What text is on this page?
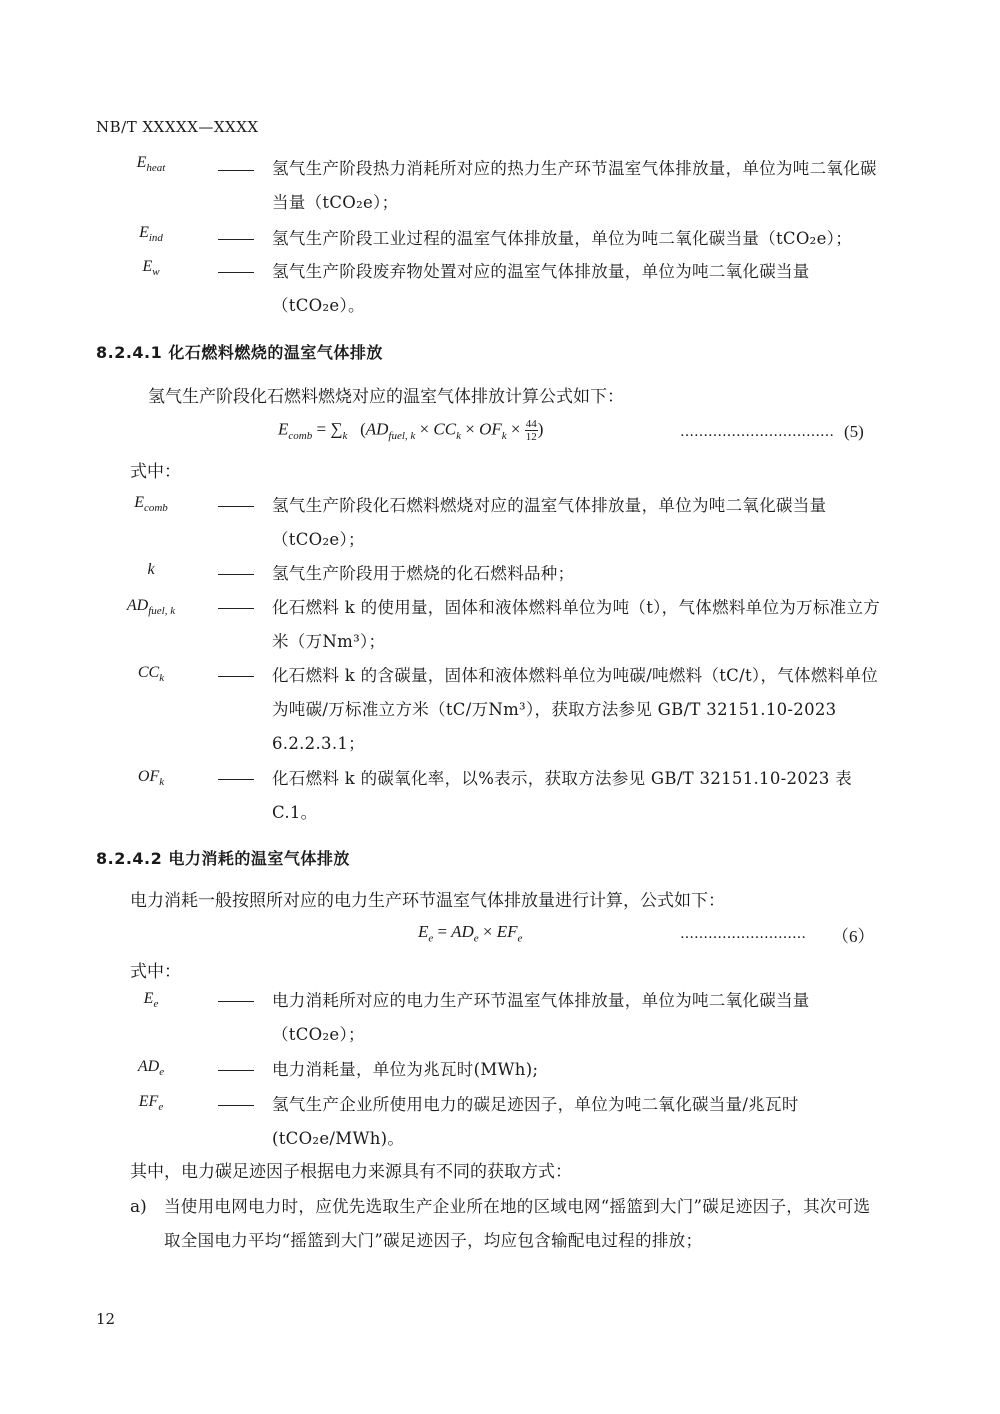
NB/T XXXXX—XXXX
$E_{heat}$	氢气生产阶段热力消耗所对应的热力生产环节温室气体排放量，单位为吨二氧化碳当量（tCO₂e）；
$E_{ind}$	氢气生产阶段工业过程的温室气体排放量，单位为吨二氧化碳当量（tCO₂e）；
$E_w$	氢气生产阶段废弃物处置对应的温室气体排放量，单位为吨二氧化碳当量（tCO₂e）。
8.2.4.1 化石燃料燃烧的温室气体排放
氢气生产阶段化石燃料燃烧对应的温室气体排放计算公式如下：
$E_{comb} = \sum_k$ ($AD_{fuel, k} \times CC_k \times OF_k \times \frac{44}{12}$ )	…………………………… (5)
式中：
$E_{comb}$	氢气生产阶段化石燃料燃烧对应的温室气体排放量，单位为吨二氧化碳当量（tCO₂e）；
k	氢气生产阶段用于燃烧的化石燃料品种；
$AD_{fuel, k}$	化石燃料 k 的使用量，固体和液体燃料单位为吨（t），气体燃料单位为万标准立方米（万Nm³）；
$CC_k$	化石燃料 k 的含碳量，固体和液体燃料单位为吨碳/吨燃料（tC/t），气体燃料单位为吨碳/万标准立方米（tC/万Nm³），获取方法参见 GB/T 32151.10-2023 6.2.2.3.1；
$OF_k$	化石燃料 k 的碳氧化率，以%表示，获取方法参见 GB/T 32151.10-2023 表 C.1。
8.2.4.2 电力消耗的温室气体排放
电力消耗一般按照所对应的电力生产环节温室气体排放量进行计算，公式如下：
$E_e = AD_e \times EF_e$	……………………… （6）
式中：
$E_e$	电力消耗所对应的电力生产环节温室气体排放量，单位为吨二氧化碳当量（tCO₂e）；
$AD_e$	电力消耗量，单位为兆瓦时(MWh);
$EF_e$	氢气生产企业所使用电力的碳足迹因子，单位为吨二氧化碳当量/兆瓦时(tCO₂e/MWh)。
其中，电力碳足迹因子根据电力来源具有不同的获取方式：
a) 当使用电网电力时，应优先选取生产企业所在地的区域电网“摇篮到大门”碳足迹因子，其次可选取全国电力平均“摇篮到大门”碳足迹因子，均应包含输配电过程的排放；
12
